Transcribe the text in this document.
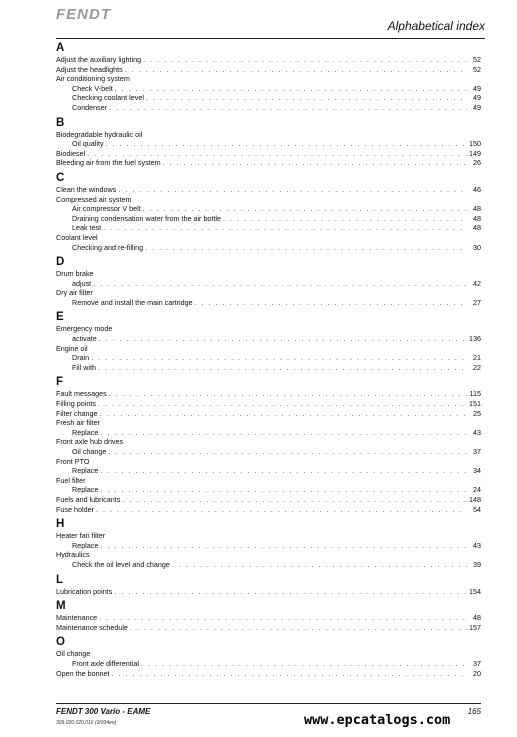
FENDT
Alphabetical index
A
Adjust the auxiliary lighting . . .	52
Adjust the headlights . . .	52
Air conditioning system
Check V-belt . . .	49
Checking coolant level . . .	49
Condenser . . .	49
B
Biodegradable hydraulic oil
Oil quality . . .	150
Biodiesel . . .	149
Bleeding air from the fuel system . . .	26
C
Clean the windows . . .	46
Compressed air system
Air compressor V belt . . .	48
Draining condensation water from the air bottle . . .	48
Leak test . . .	48
Coolant level
Checking and re-filling . . .	30
D
Drum brake
adjust . . .	42
Dry air filter
Remove and install the main cartridge . . .	27
E
Emergency mode
activate . . .	136
Engine oil
Drain . . .	21
Fill with . . .	22
F
Fault messages . . .	115
Filling points . . .	151
Filter change . . .	25
Fresh air filter
Replace . . .	43
Front axle hub drives
Oil change . . .	37
Front PTO
Replace . . .	34
Fuel filter
Replace . . .	24
Fuels and lubricants . . .	148
Fuse holder . . .	54
H
Heater fan filter
Replace . . .	43
Hydraulics
Check the oil level and change . . .	39
L
Lubrication points . . .	154
M
Maintenance . . .	48
Maintenance schedule . . .	157
O
Oil change
Front axle differential . . .	37
Open the bonnet . . .	20
FENDT 300 Vario - EAME
309.020.020.016 (3/934en)
165
www.epcatalogs.com
